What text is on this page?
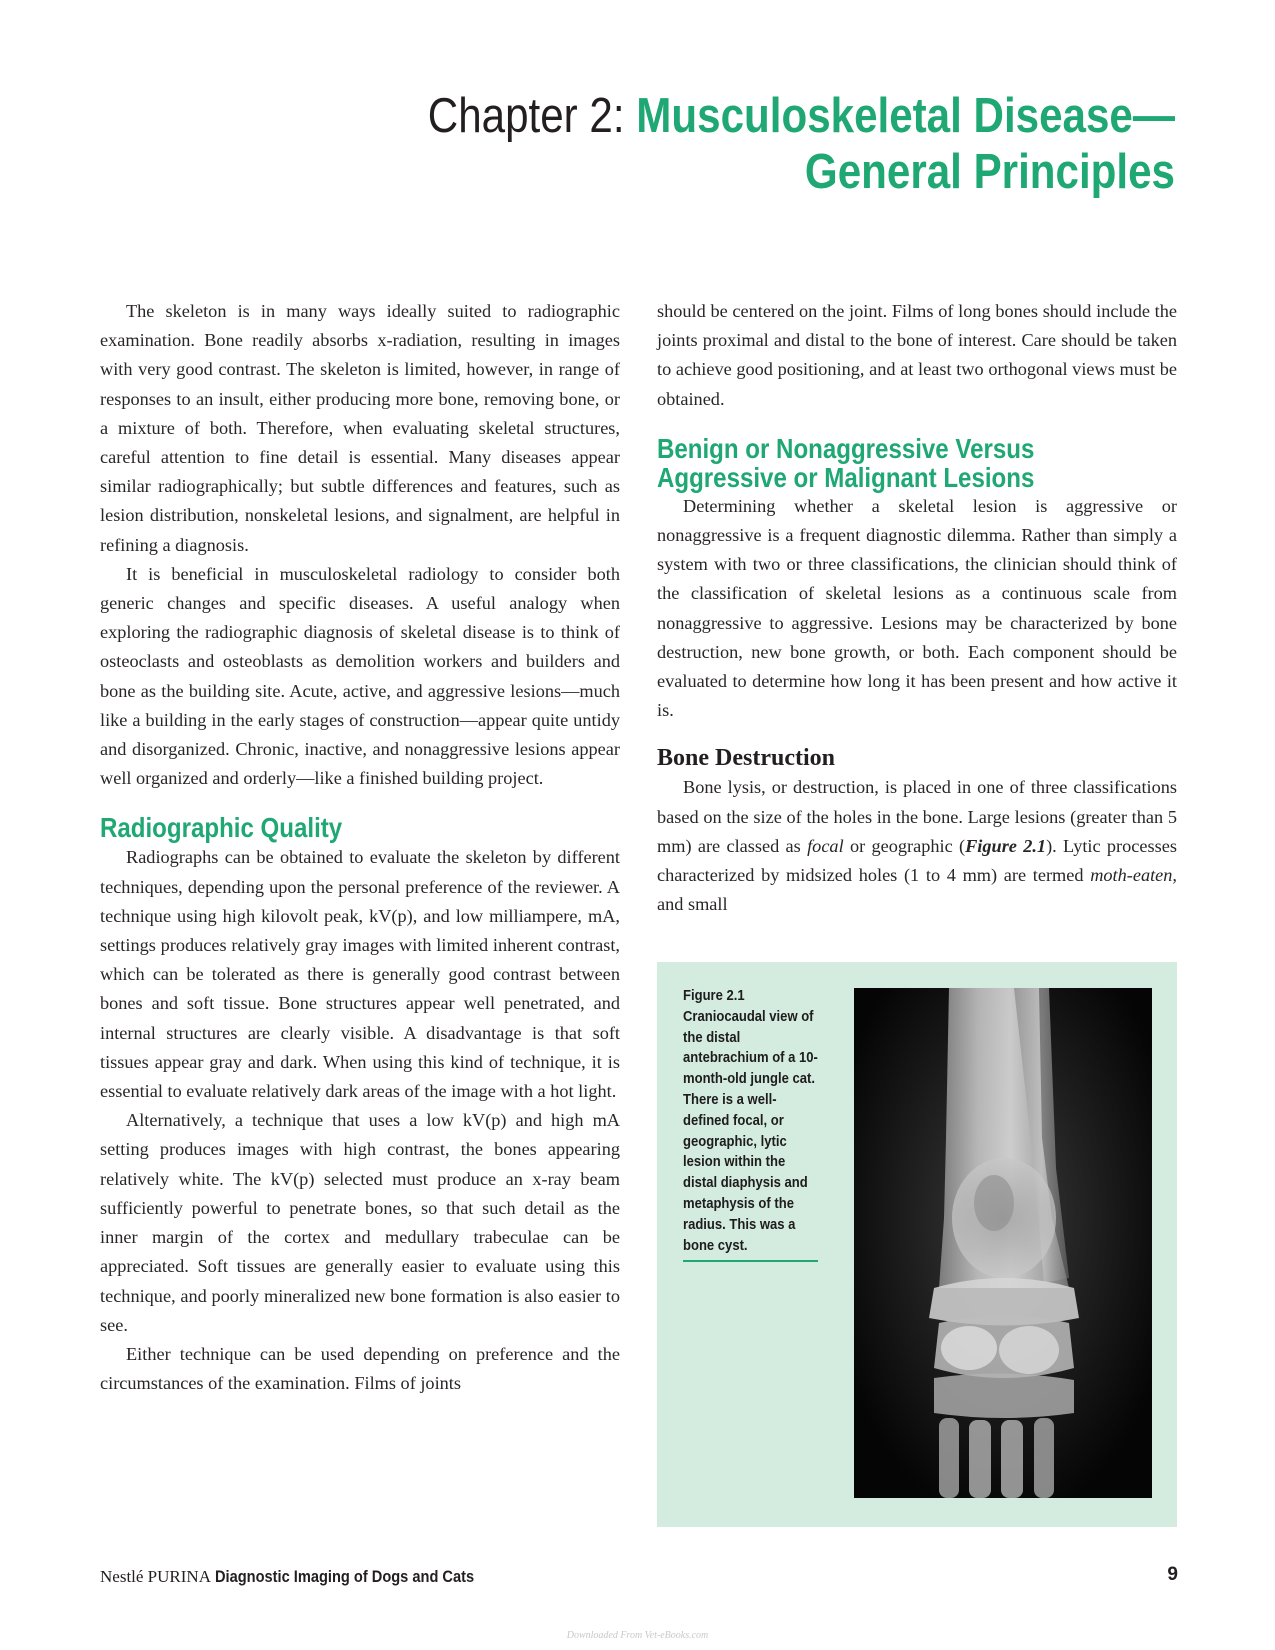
Chapter 2: Musculoskeletal Disease—
General Principles

The skeleton is in many ways ideally suited to radiographic examination. Bone readily absorbs x-radiation, resulting in images with very good contrast. The skeleton is limited, however, in range of responses to an insult, either producing more bone, removing bone, or a mixture of both. Therefore, when evaluating skeletal structures, careful attention to fine detail is essential. Many diseases appear similar radiographically; but subtle differences and features, such as lesion distribution, nonskeletal lesions, and signalment, are helpful in refining a diagnosis.

It is beneficial in musculoskeletal radiology to consider both generic changes and specific diseases. A useful analogy when exploring the radiographic diagnosis of skeletal disease is to think of osteoclasts and osteoblasts as demolition workers and builders and bone as the building site. Acute, active, and aggressive lesions—much like a building in the early stages of construction—appear quite untidy and disorganized. Chronic, inactive, and nonaggressive lesions appear well organized and orderly—like a finished building project.

Radiographic Quality

Radiographs can be obtained to evaluate the skeleton by different techniques, depending upon the personal preference of the reviewer. A technique using high kilovolt peak, kV(p), and low milliampere, mA, settings produces relatively gray images with limited inherent contrast, which can be tolerated as there is generally good contrast between bones and soft tissue. Bone structures appear well penetrated, and internal structures are clearly visible. A disadvantage is that soft tissues appear gray and dark. When using this kind of technique, it is essential to evaluate relatively dark areas of the image with a hot light.

Alternatively, a technique that uses a low kV(p) and high mA setting produces images with high contrast, the bones appearing relatively white. The kV(p) selected must produce an x-ray beam sufficiently powerful to penetrate bones, so that such detail as the inner margin of the cortex and medullary trabeculae can be appreciated. Soft tissues are generally easier to evaluate using this technique, and poorly mineralized new bone formation is also easier to see.

Either technique can be used depending on preference and the circumstances of the examination. Films of joints

should be centered on the joint. Films of long bones should include the joints proximal and distal to the bone of interest. Care should be taken to achieve good positioning, and at least two orthogonal views must be obtained.

Benign or Nonaggressive Versus
Aggressive or Malignant Lesions

Determining whether a skeletal lesion is aggressive or nonaggressive is a frequent diagnostic dilemma. Rather than simply a system with two or three classifications, the clinician should think of the classification of skeletal lesions as a continuous scale from nonaggressive to aggressive. Lesions may be characterized by bone destruction, new bone growth, or both. Each component should be evaluated to determine how long it has been present and how active it is.

Bone Destruction

Bone lysis, or destruction, is placed in one of three classifications based on the size of the holes in the bone. Large lesions (greater than 5 mm) are classed as focal or geographic (Figure 2.1). Lytic processes characterized by midsized holes (1 to 4 mm) are termed moth-eaten, and small

Figure 2.1
Craniocaudal view of the distal antebrachium of a 10-month-old jungle cat. There is a well-defined focal, or geographic, lytic lesion within the distal diaphysis and metaphysis of the radius. This was a bone cyst.
Nestlé PURINA Diagnostic Imaging of Dogs and Cats	9
Downloaded From Vet-eBooks.com
